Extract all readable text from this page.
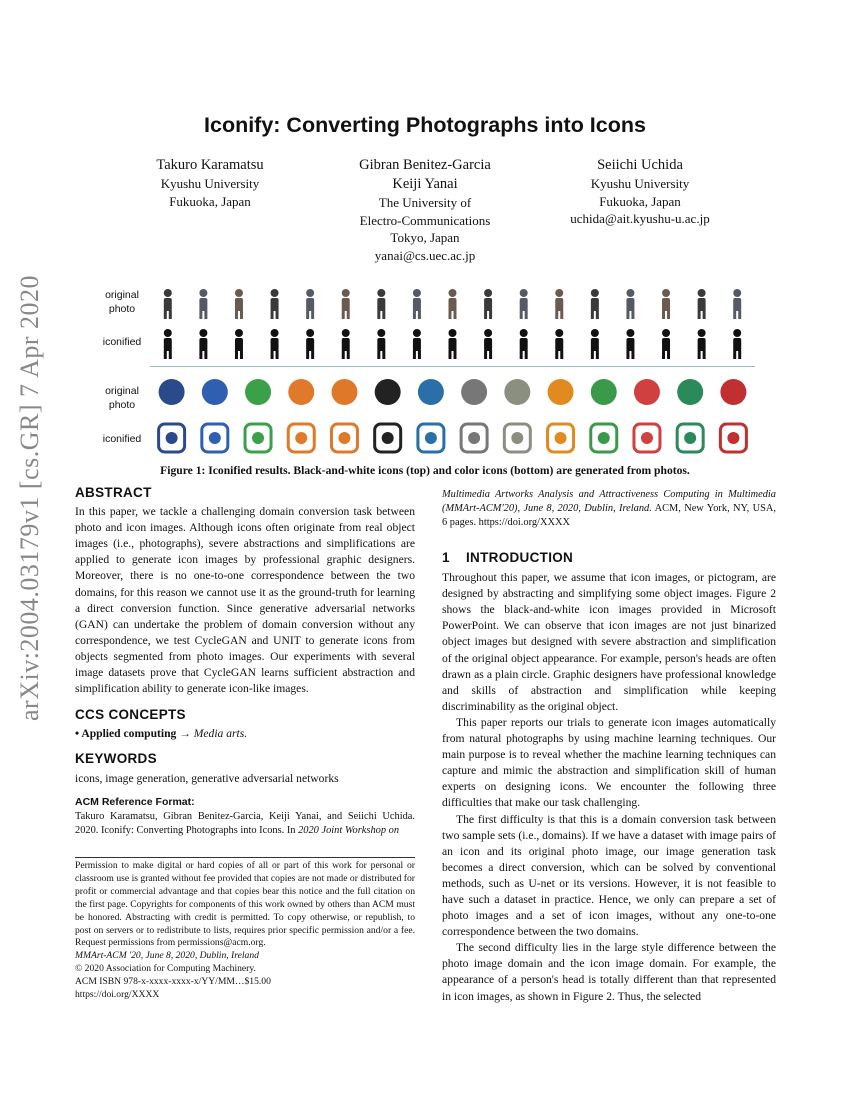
arXiv:2004.03179v1 [cs.GR] 7 Apr 2020
Iconify: Converting Photographs into Icons
Takuro Karamatsu
Kyushu University
Fukuoka, Japan
Gibran Benitez-Garcia
Keiji Yanai
The University of
Electro-Communications
Tokyo, Japan
yanai@cs.uec.ac.jp
Seiichi Uchida
Kyushu University
Fukuoka, Japan
uchida@ait.kyushu-u.ac.jp
original
photo
iconified
original
photo
iconified
Figure 1: Iconified results. Black-and-white icons (top) and color icons (bottom) are generated from photos.
ABSTRACT

In this paper, we tackle a challenging domain conversion task between photo and icon images. Although icons often originate from real object images (i.e., photographs), severe abstractions and simplifications are applied to generate icon images by professional graphic designers. Moreover, there is no one-to-one correspondence between the two domains, for this reason we cannot use it as the ground-truth for learning a direct conversion function. Since generative adversarial networks (GAN) can undertake the problem of domain conversion without any correspondence, we test CycleGAN and UNIT to generate icons from objects segmented from photo images. Our experiments with several image datasets prove that CycleGAN learns sufficient abstraction and simplification ability to generate icon-like images.

CCS CONCEPTS

• Applied computing → Media arts.

KEYWORDS

icons, image generation, generative adversarial networks

ACM Reference Format:

Takuro Karamatsu, Gibran Benitez-Garcia, Keiji Yanai, and Seiichi Uchida. 2020. Iconify: Converting Photographs into Icons. In 2020 Joint Workshop on

Permission to make digital or hard copies of all or part of this work for personal or classroom use is granted without fee provided that copies are not made or distributed for profit or commercial advantage and that copies bear this notice and the full citation on the first page. Copyrights for components of this work owned by others than ACM must be honored. Abstracting with credit is permitted. To copy otherwise, or republish, to post on servers or to redistribute to lists, requires prior specific permission and/or a fee. Request permissions from permissions@acm.org.

MMArt-ACM '20, June 8, 2020, Dublin, Ireland

© 2020 Association for Computing Machinery.

ACM ISBN 978-x-xxxx-xxxx-x/YY/MM…$15.00

https://doi.org/XXXX

Multimedia Artworks Analysis and Attractiveness Computing in Multimedia (MMArt-ACM'20), June 8, 2020, Dublin, Ireland. ACM, New York, NY, USA, 6 pages. https://doi.org/XXXX

1    INTRODUCTION

Throughout this paper, we assume that icon images, or pictogram, are designed by abstracting and simplifying some object images. Figure 2 shows the black-and-white icon images provided in Microsoft PowerPoint. We can observe that icon images are not just binarized object images but designed with severe abstraction and simplification of the original object appearance. For example, person's heads are often drawn as a plain circle. Graphic designers have professional knowledge and skills of abstraction and simplification while keeping discriminability as the original object.

This paper reports our trials to generate icon images automatically from natural photographs by using machine learning techniques. Our main purpose is to reveal whether the machine learning techniques can capture and mimic the abstraction and simplification skill of human experts on designing icons. We encounter the following three difficulties that make our task challenging.

The first difficulty is that this is a domain conversion task between two sample sets (i.e., domains). If we have a dataset with image pairs of an icon and its original photo image, our image generation task becomes a direct conversion, which can be solved by conventional methods, such as U-net or its versions. However, it is not feasible to have such a dataset in practice. Hence, we only can prepare a set of photo images and a set of icon images, without any one-to-one correspondence between the two domains.

The second difficulty lies in the large style difference between the photo image domain and the icon image domain. For example, the appearance of a person's head is totally different than that represented in icon images, as shown in Figure 2. Thus, the selected
